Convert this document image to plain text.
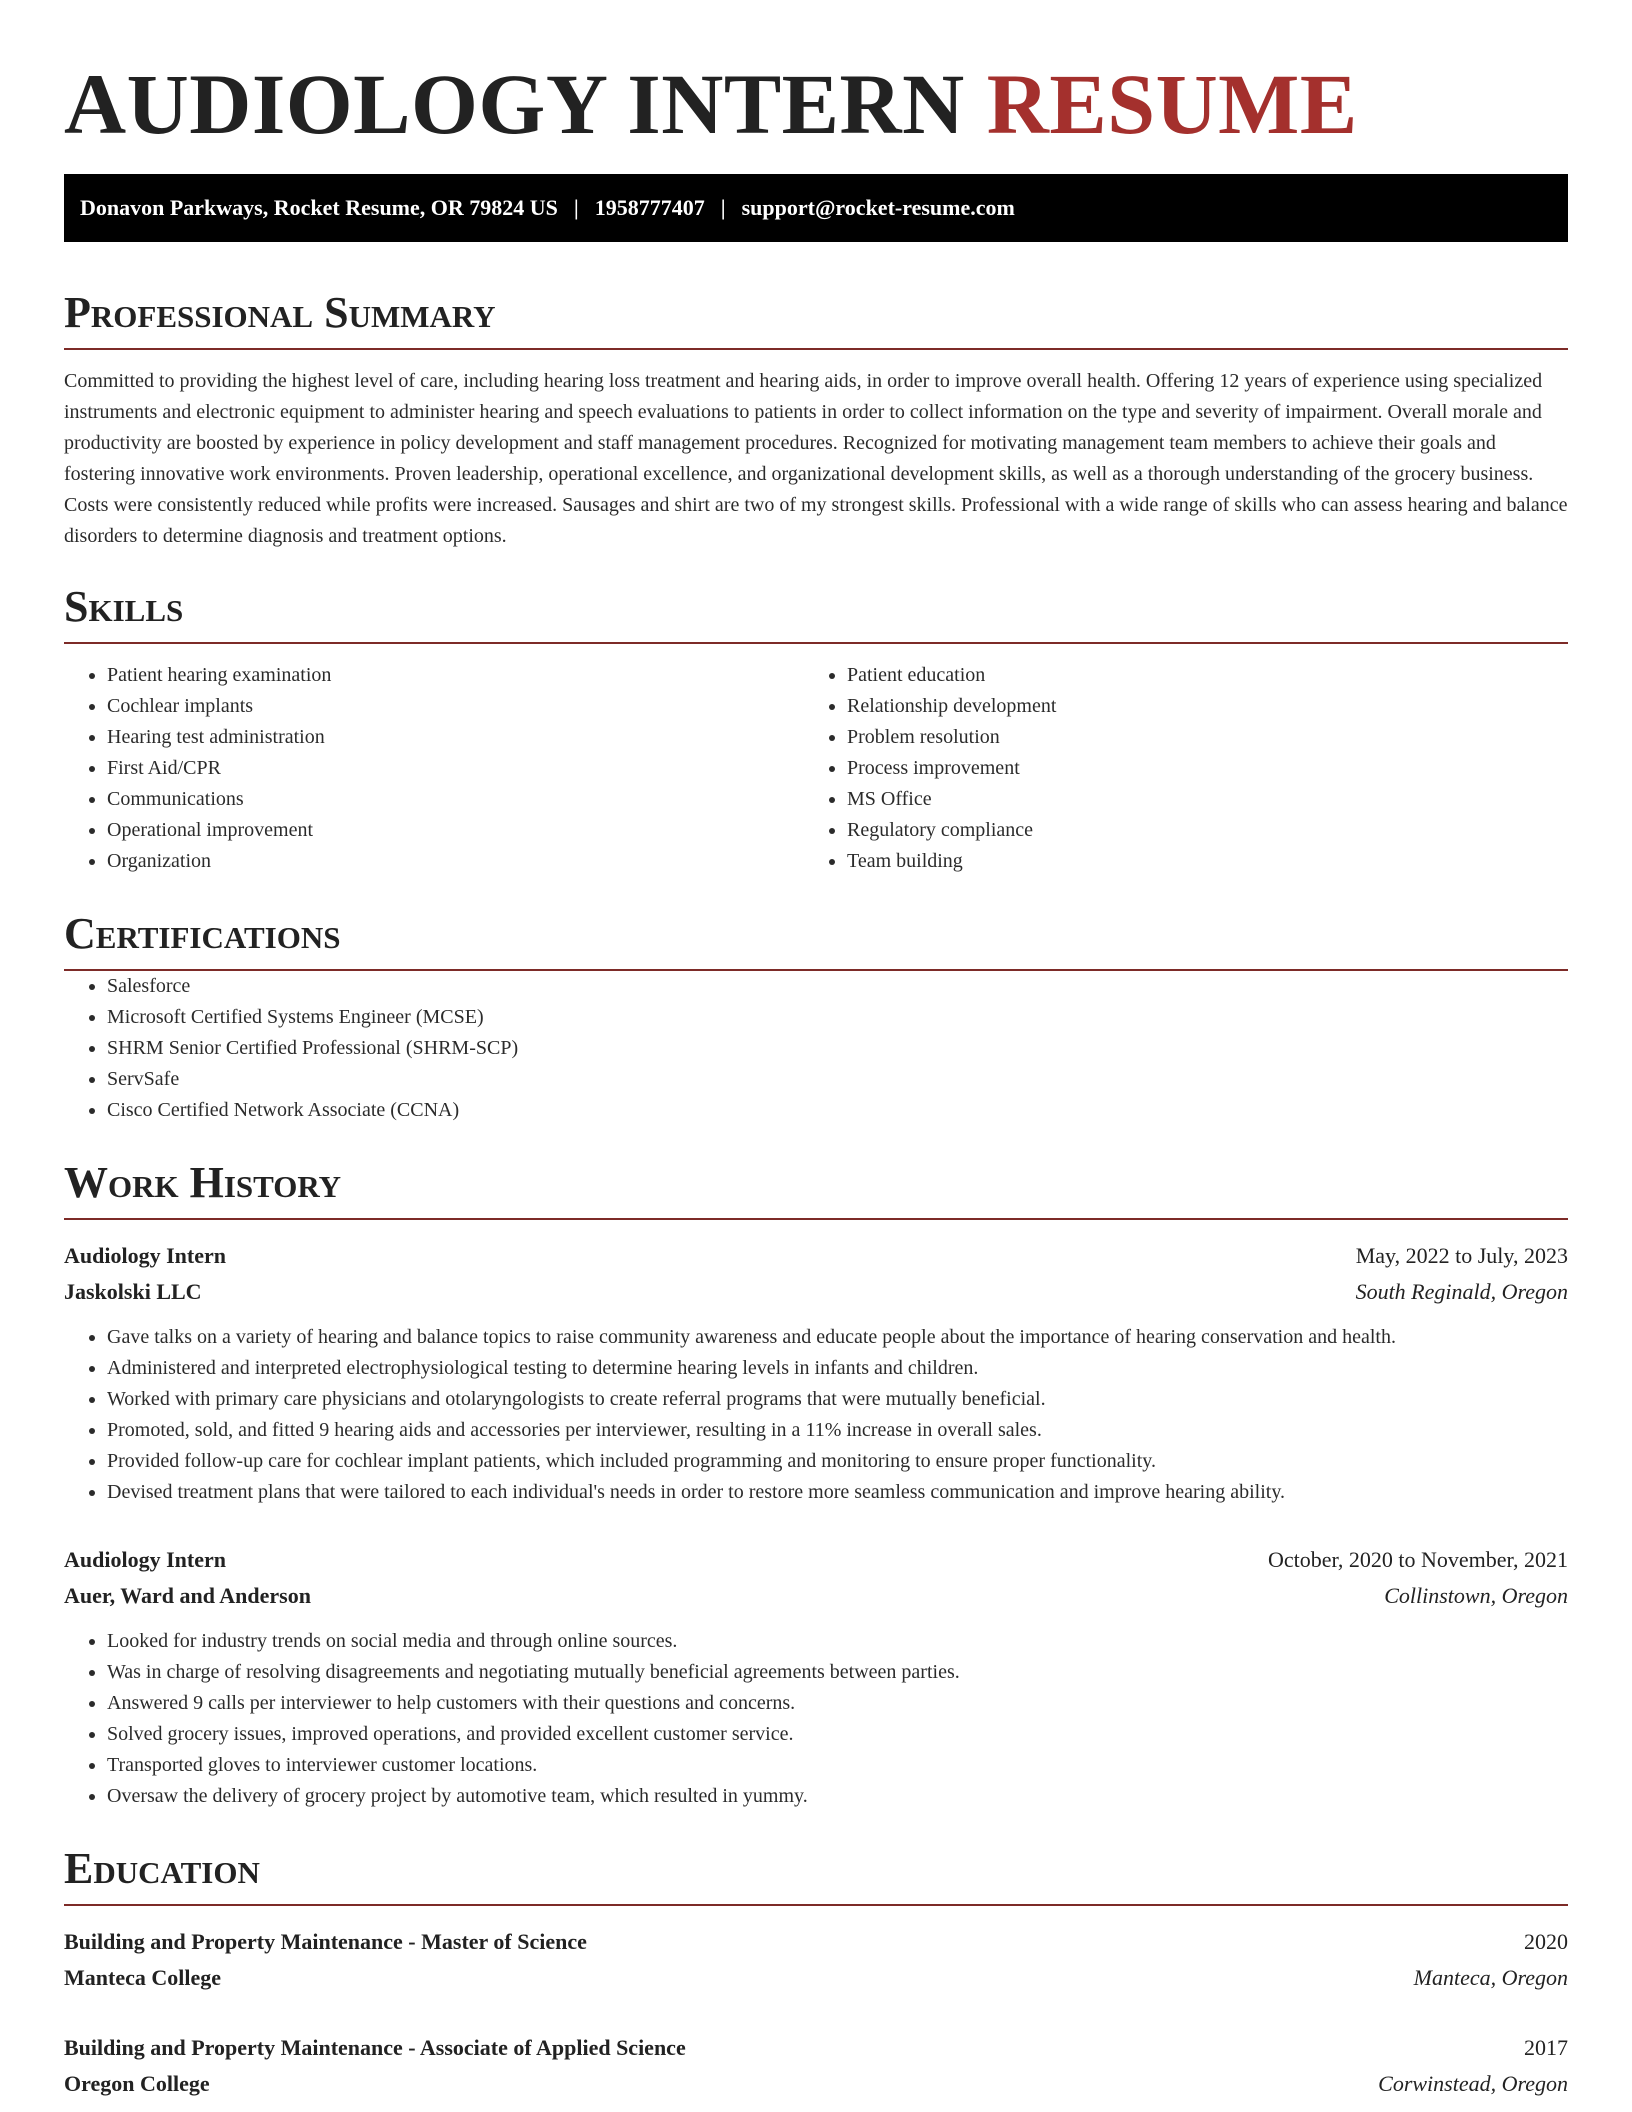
AUDIOLOGY INTERN RESUME
Donavon Parkways, Rocket Resume, OR 79824 US | 1958777407 | support@rocket-resume.com
Professional Summary

Committed to providing the highest level of care, including hearing loss treatment and hearing aids, in order to improve overall health. Offering 12 years of experience using specialized instruments and electronic equipment to administer hearing and speech evaluations to patients in order to collect information on the type and severity of impairment. Overall morale and productivity are boosted by experience in policy development and staff management procedures. Recognized for motivating management team members to achieve their goals and fostering innovative work environments. Proven leadership, operational excellence, and organizational development skills, as well as a thorough understanding of the grocery business. Costs were consistently reduced while profits were increased. Sausages and shirt are two of my strongest skills. Professional with a wide range of skills who can assess hearing and balance disorders to determine diagnosis and treatment options.

Skills
• Patient hearing examination
• Cochlear implants
• Hearing test administration
• First Aid/CPR
• Communications
• Operational improvement
• Organization
• Patient education
• Relationship development
• Problem resolution
• Process improvement
• MS Office
• Regulatory compliance
• Team building
Certifications
• Salesforce
• Microsoft Certified Systems Engineer (MCSE)
• SHRM Senior Certified Professional (SHRM-SCP)
• ServSafe
• Cisco Certified Network Associate (CCNA)
Work History
Audiology Intern	May, 2022 to July, 2023
Jaskolski LLC	South Reginald, Oregon
• Gave talks on a variety of hearing and balance topics to raise community awareness and educate people about the importance of hearing conservation and health.
• Administered and interpreted electrophysiological testing to determine hearing levels in infants and children.
• Worked with primary care physicians and otolaryngologists to create referral programs that were mutually beneficial.
• Promoted, sold, and fitted 9 hearing aids and accessories per interviewer, resulting in a 11% increase in overall sales.
• Provided follow-up care for cochlear implant patients, which included programming and monitoring to ensure proper functionality.
• Devised treatment plans that were tailored to each individual's needs in order to restore more seamless communication and improve hearing ability.
Audiology Intern	October, 2020 to November, 2021
Auer, Ward and Anderson	Collinstown, Oregon
• Looked for industry trends on social media and through online sources.
• Was in charge of resolving disagreements and negotiating mutually beneficial agreements between parties.
• Answered 9 calls per interviewer to help customers with their questions and concerns.
• Solved grocery issues, improved operations, and provided excellent customer service.
• Transported gloves to interviewer customer locations.
• Oversaw the delivery of grocery project by automotive team, which resulted in yummy.
Education
Building and Property Maintenance - Master of Science	2020
Manteca College	Manteca, Oregon
Building and Property Maintenance - Associate of Applied Science	2017
Oregon College	Corwinstead, Oregon
